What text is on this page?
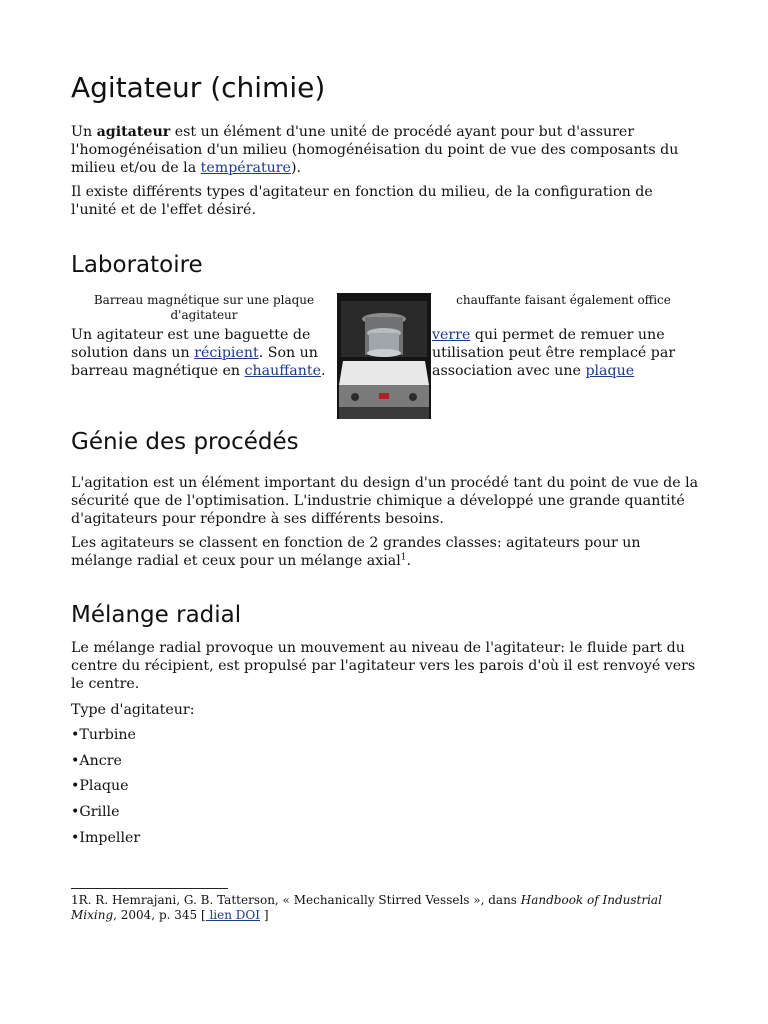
Agitateur (chimie)

Un agitateur est un élément d'une unité de procédé ayant pour but d'assurer l'homogénéisation d'un milieu (homogénéisation du point de vue des composants du milieu et/ou de la température).

Il existe différents types d'agitateur en fonction du milieu, de la configuration de l'unité et de l'effet désiré.

Laboratoire
Barreau magnétique sur une plaque d'agitateur
chauffante faisant également office
Un agitateur est une baguette de solution dans un récipient. Son un barreau magnétique en chauffante.
verre qui permet de remuer une utilisation peut être remplacé par association avec une plaque
Génie des procédés

L'agitation est un élément important du design d'un procédé tant du point de vue de la sécurité que de l'optimisation. L'industrie chimique a développé une grande quantité d'agitateurs pour répondre à ses différents besoins.

Les agitateurs se classent en fonction de 2 grandes classes: agitateurs pour un mélange radial et ceux pour un mélange axial$^1$.

Mélange radial

Le mélange radial provoque un mouvement au niveau de l'agitateur: le fluide part du centre du récipient, est propulsé par l'agitateur vers les parois d'où il est renvoyé vers le centre.

Type d'agitateur:
•Turbine
•Ancre
•Plaque
•Grille
•Impeller
1R. R. Hemrajani, G. B. Tatterson, « Mechanically Stirred Vessels », dans Handbook of Industrial Mixing, 2004, p. 345 [ lien DOI ]
